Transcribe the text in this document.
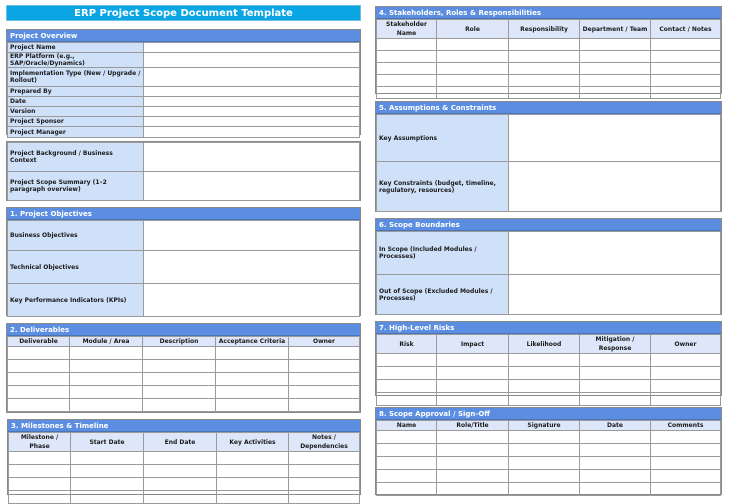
ERP Project Scope Document Template
Project Overview
Project Name	
ERP Platform (e.g., SAP/Oracle/Dynamics)	
Implementation Type (New / Upgrade / Rollout)	
Prepared By	
Date	
Version	
Project Sponsor	
Project Manager	
Project Background / Business Context	
Project Scope Summary (1–2 paragraph overview)	
1. Project Objectives
Business Objectives	
Technical Objectives	
Key Performance Indicators (KPIs)	
2. Deliverables
Deliverable	Module / Area	Description	Acceptance Criteria	Owner

3. Milestones & Timeline
Milestone / Phase	Start Date	End Date	Key Activities	Notes / Dependencies

4. Stakeholders, Roles & Responsibilities
Stakeholder Name	Role	Responsibility	Department / Team	Contact / Notes

5. Assumptions & Constraints
Key Assumptions	
Key Constraints (budget, timeline, regulatory, resources)	
6. Scope Boundaries
In Scope (Included Modules / Processes)	
Out of Scope (Excluded Modules / Processes)	
7. High-Level Risks
Risk	Impact	Likelihood	Mitigation / Response	Owner

8. Scope Approval / Sign-Off
Name	Role/Title	Signature	Date	Comments
